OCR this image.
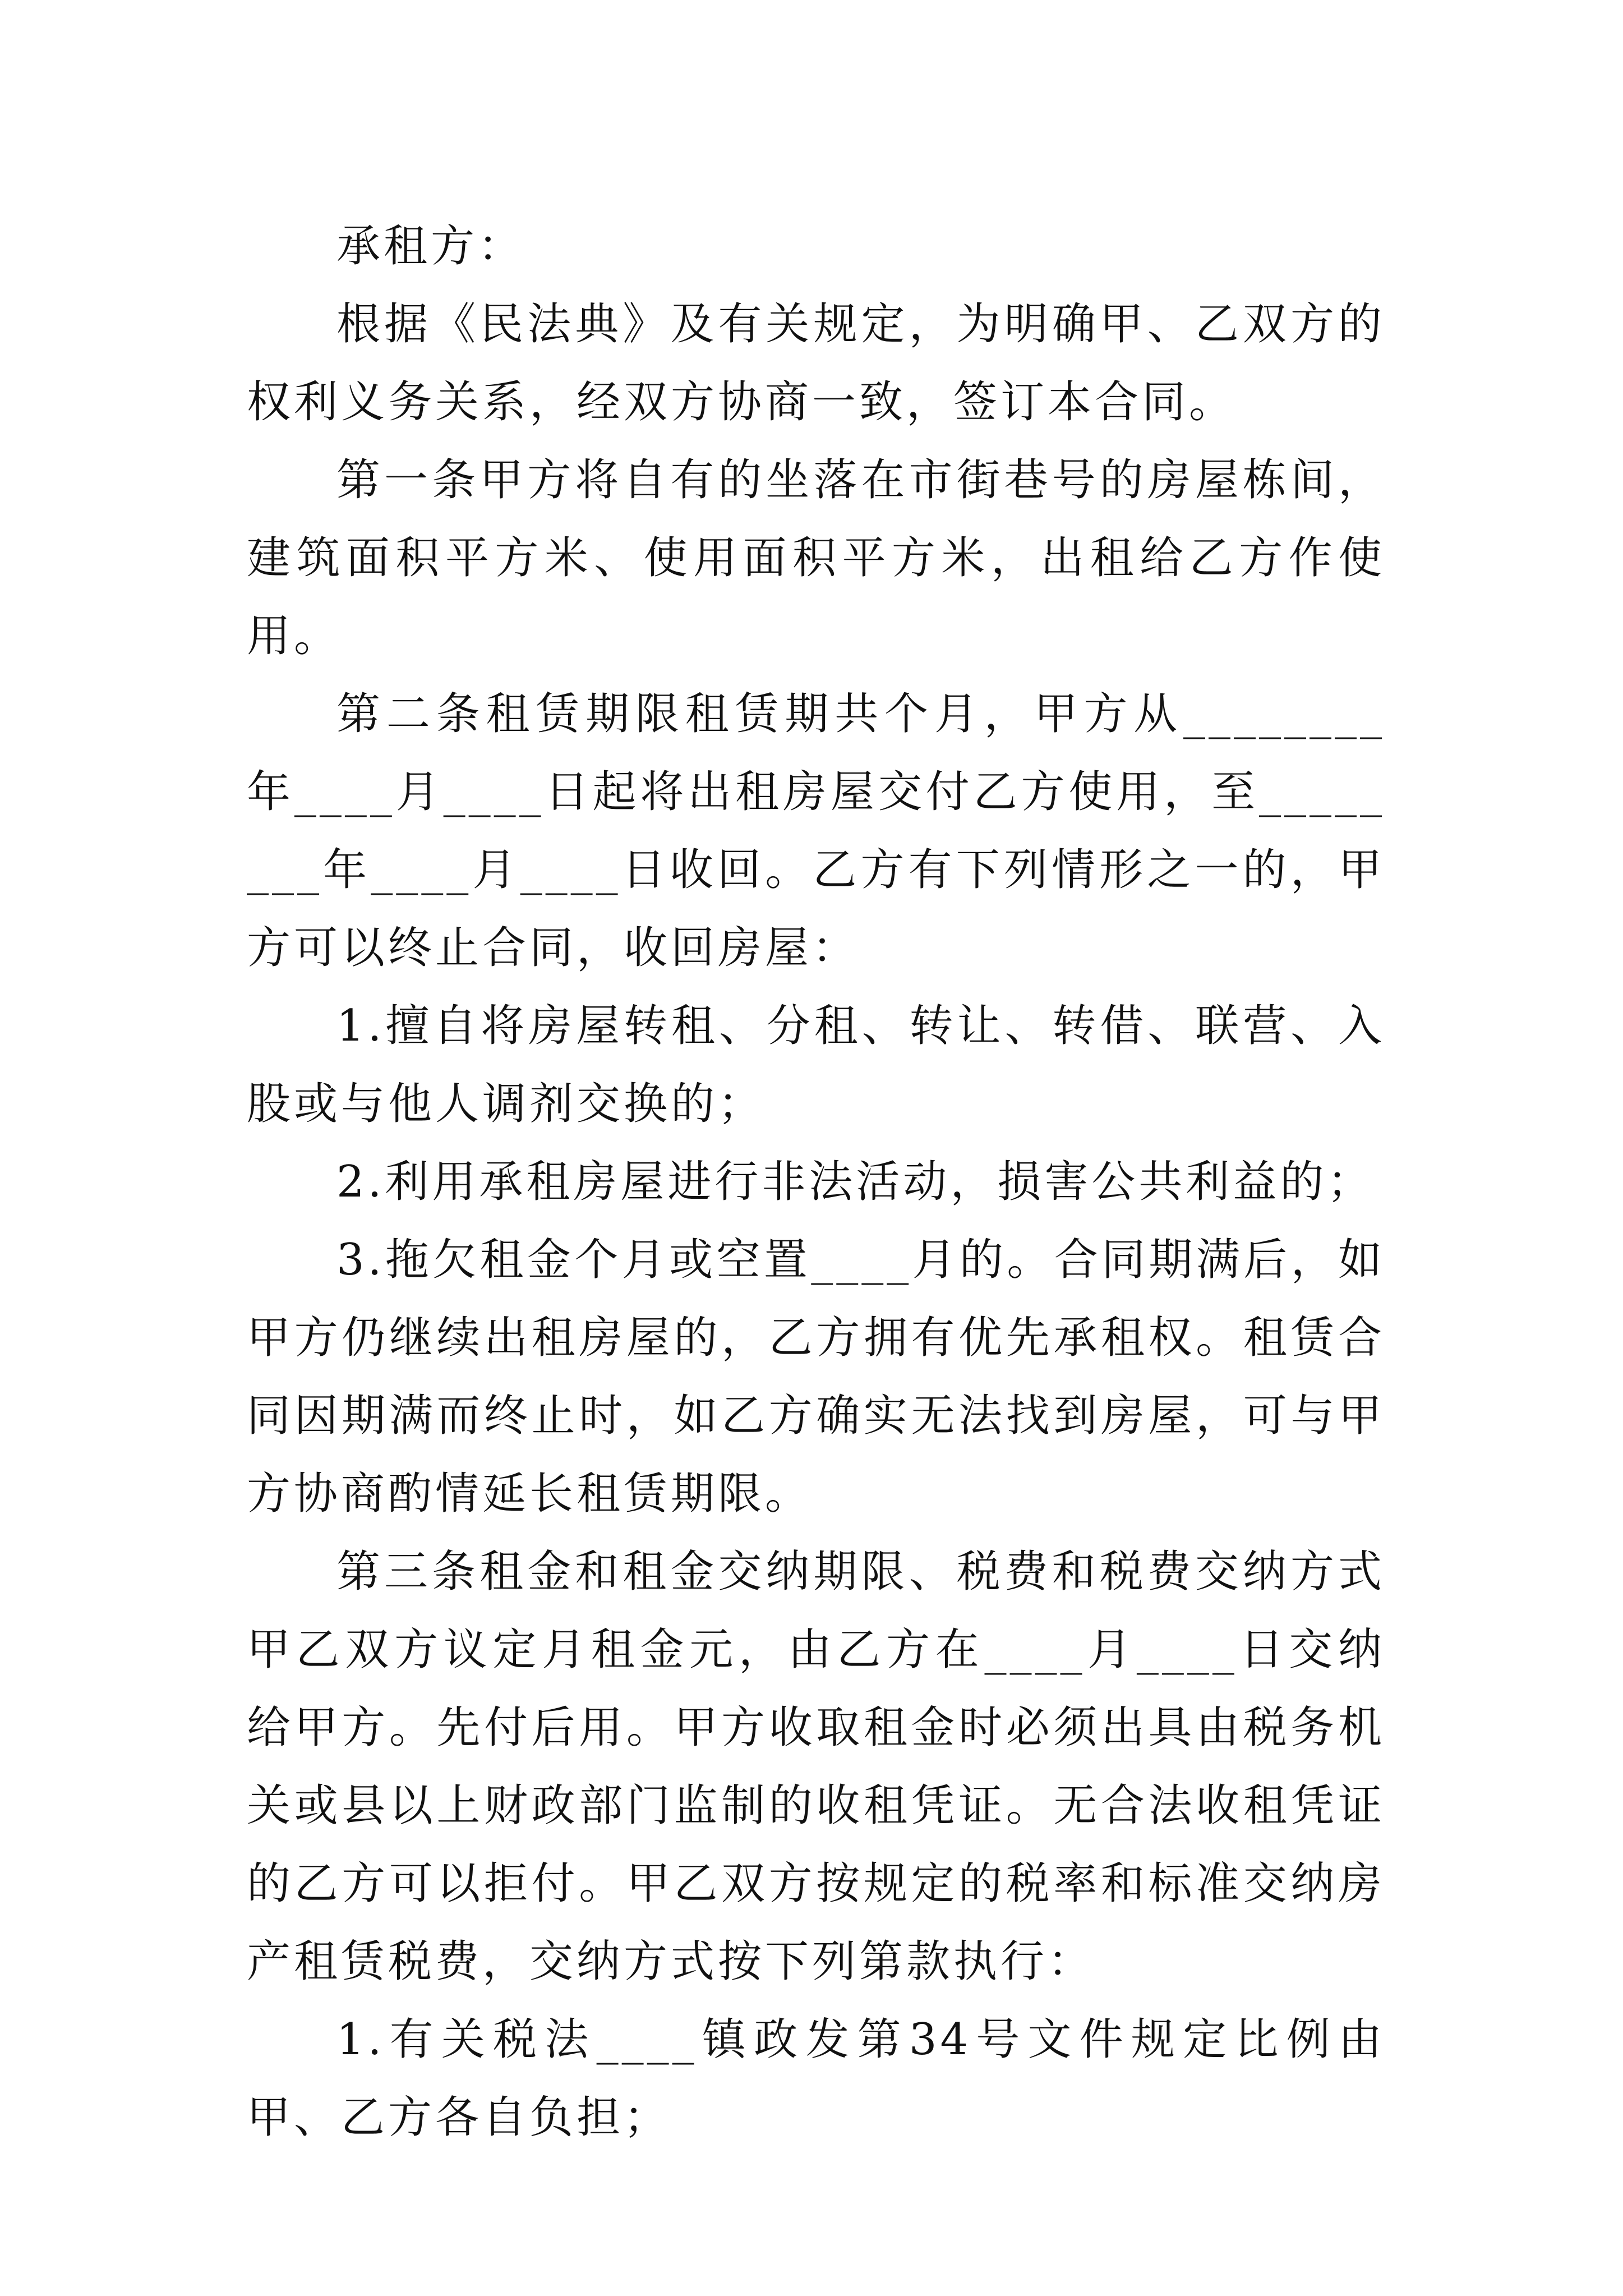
承租方：

根据《民法典》及有关规定，为明确甲、乙双方的权利义务关系，经双方协商一致，签订本合同。

第一条甲方将自有的坐落在市街巷号的房屋栋间，建筑面积平方米、使用面积平方米，出租给乙方作使用。

第二条租赁期限租赁期共个月，甲方从________年____月____日起将出租房屋交付乙方使用，至________年____月____日收回。乙方有下列情形之一的，甲方可以终止合同，收回房屋：

1.擅自将房屋转租、分租、转让、转借、联营、入股或与他人调剂交换的；

2.利用承租房屋进行非法活动，损害公共利益的；

3.拖欠租金个月或空置____月的。合同期满后，如甲方仍继续出租房屋的，乙方拥有优先承租权。租赁合同因期满而终止时，如乙方确实无法找到房屋，可与甲方协商酌情延长租赁期限。

第三条租金和租金交纳期限、税费和税费交纳方式甲乙双方议定月租金元，由乙方在____月____日交纳给甲方。先付后用。甲方收取租金时必须出具由税务机关或县以上财政部门监制的收租凭证。无合法收租凭证的乙方可以拒付。甲乙双方按规定的税率和标准交纳房产租赁税费，交纳方式按下列第款执行：

1.有关税法____镇政发第34号文件规定比例由甲、乙方各自负担；
